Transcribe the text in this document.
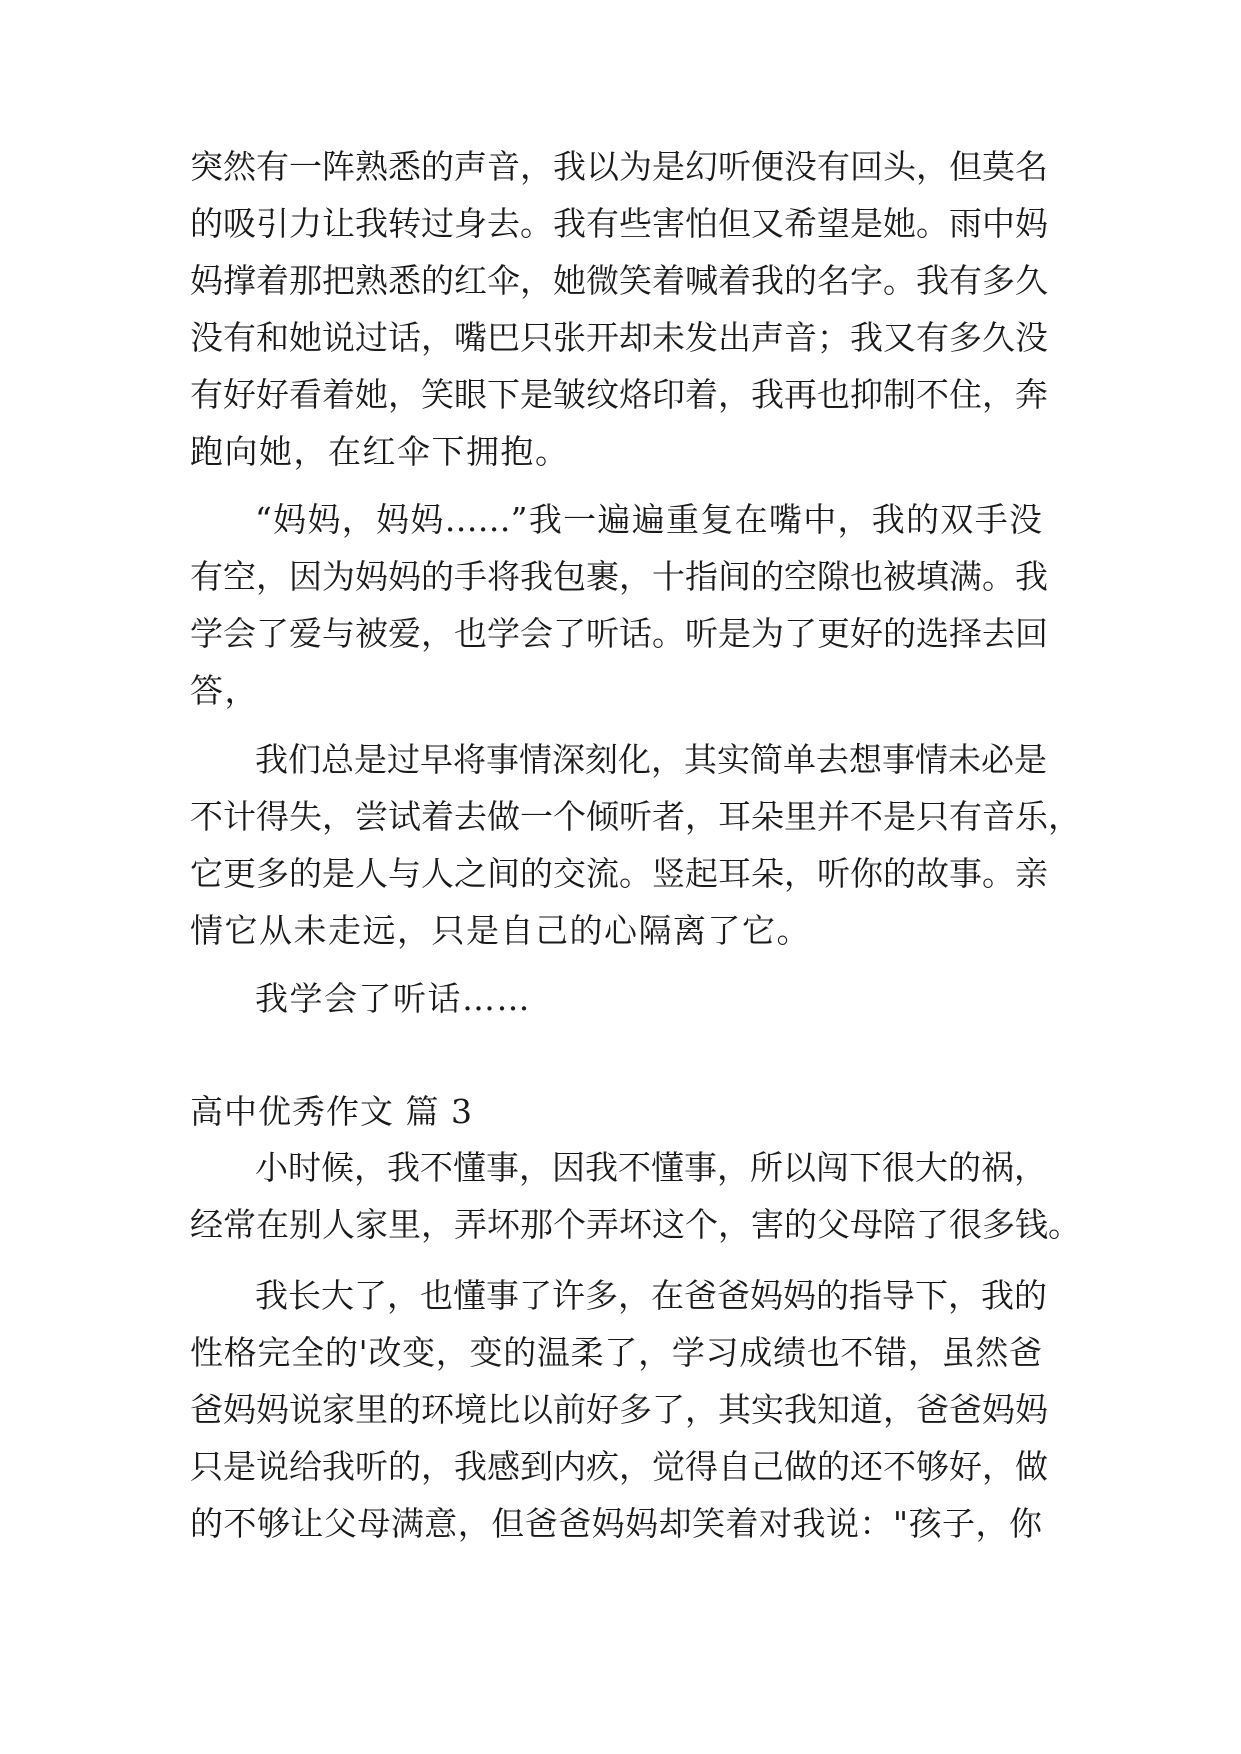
突然有一阵熟悉的声音，我以为是幻听便没有回头，但莫名
的吸引力让我转过身去。我有些害怕但又希望是她。雨中妈
妈撑着那把熟悉的红伞，她微笑着喊着我的名字。我有多久
没有和她说过话，嘴巴只张开却未发出声音；我又有多久没
有好好看着她，笑眼下是皱纹烙印着，我再也抑制不住，奔
跑向她，在红伞下拥抱。
“妈妈，妈妈……”我一遍遍重复在嘴中，我的双手没
有空，因为妈妈的手将我包裹，十指间的空隙也被填满。我
学会了爱与被爱，也学会了听话。听是为了更好的选择去回
答，
我们总是过早将事情深刻化，其实简单去想事情未必是
不计得失，尝试着去做一个倾听者，耳朵里并不是只有音乐，
它更多的是人与人之间的交流。竖起耳朵，听你的故事。亲
情它从未走远，只是自己的心隔离了它。
我学会了听话……
高中优秀作文 篇 3
小时候，我不懂事，因我不懂事，所以闯下很大的祸，
经常在别人家里，弄坏那个弄坏这个，害的父母陪了很多钱。
我长大了，也懂事了许多，在爸爸妈妈的指导下，我的
性格完全的'改变，变的温柔了，学习成绩也不错，虽然爸
爸妈妈说家里的环境比以前好多了，其实我知道，爸爸妈妈
只是说给我听的，我感到内疚，觉得自己做的还不够好，做
的不够让父母满意，但爸爸妈妈却笑着对我说："孩子，你
